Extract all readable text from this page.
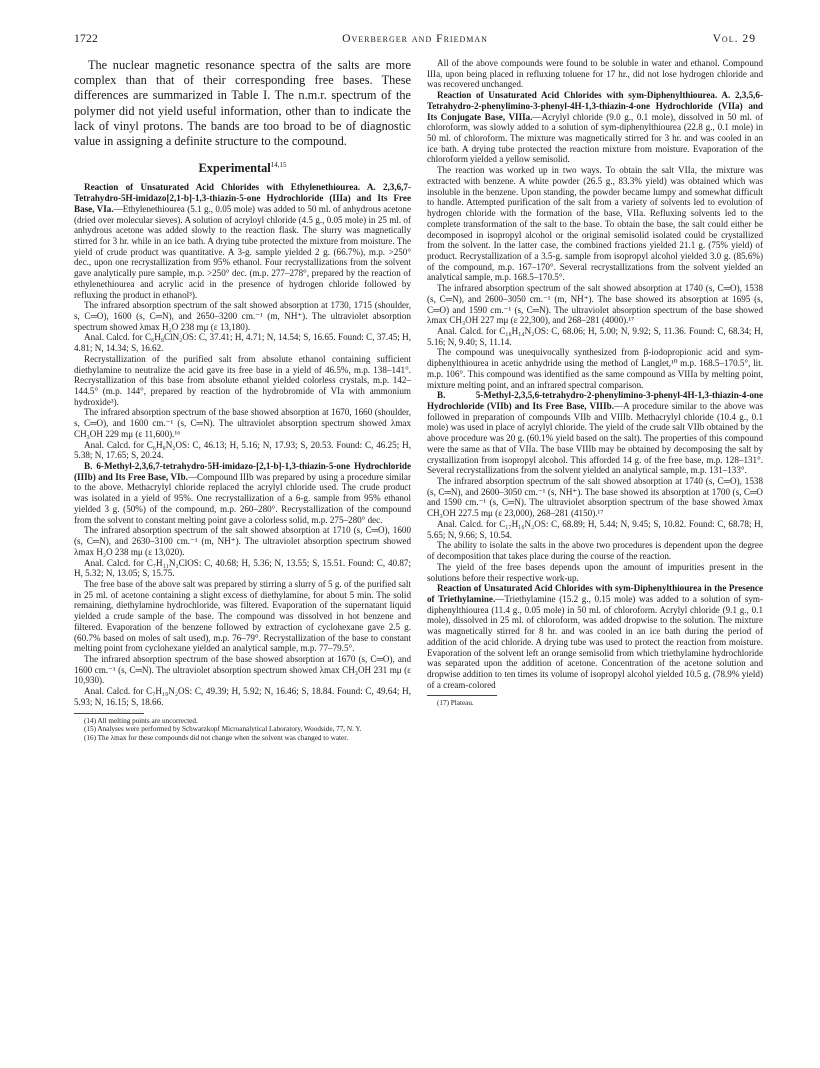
1722	Overberger and Friedman	Vol. 29

The nuclear magnetic resonance spectra of the salts are more complex than that of their corresponding free bases. These differences are summarized in Table I. The n.m.r. spectrum of the polymer did not yield useful information, other than to indicate the lack of vinyl protons. The bands are too broad to be of diagnostic value in assigning a definite structure to the compound.

Experimental$^{14,15}$

Reaction of Unsaturated Acid Chlorides with Ethylenethiourea. A. 2,3,6,7-Tetrahydro-5H-imidazo[2,1-b]-1,3-thiazin-5-one Hydrochloride (IIIa) and Its Free Base, VIa.—Ethylenethiourea (5.1 g., 0.05 mole) was added to 50 ml. of anhydrous acetone (dried over molecular sieves). A solution of acryloyl chloride (4.5 g., 0.05 mole) in 25 ml. of anhydrous acetone was added slowly to the reaction flask. The slurry was magnetically stirred for 3 hr. while in an ice bath. A drying tube protected the mixture from moisture. The yield of crude product was quantitative. A 3-g. sample yielded 2 g. (66.7%), m.p. >250° dec., upon one recrystallization from 95% ethanol. Four recrystallizations from the solvent gave analytically pure sample, m.p. >250° dec. (m.p. 277–278°, prepared by the reaction of ethylenethiourea and acrylic acid in the presence of hydrogen chloride followed by refluxing the product in ethanol³).

The infrared absorption spectrum of the salt showed absorption at 1730, 1715 (shoulder, s, C═O), 1600 (s, C═N), and 2650–3200 cm.⁻¹ (m, NH⁺). The ultraviolet absorption spectrum showed λmax H₂O 238 mμ (ε 13,180).

Anal. Calcd. for C₆H₈ClN₂OS: C, 37.41; H, 4.71; N, 14.54; S, 16.65. Found: C, 37.45; H, 4.81; N, 14.34; S, 16.62.

Recrystallization of the purified salt from absolute ethanol containing sufficient diethylamine to neutralize the acid gave its free base in a yield of 46.5%, m.p. 138–141°. Recrystallization of this base from absolute ethanol yielded colorless crystals, m.p. 142–144.5° (m.p. 144°, prepared by reaction of the hydrobromide of VIa with ammonium hydroxide³).

The infrared absorption spectrum of the base showed absorption at 1670, 1660 (shoulder, s, C═O), and 1600 cm.⁻¹ (s, C═N). The ultraviolet absorption spectrum showed λmax CH₃OH 229 mμ (ε 11,600).¹⁶

Anal. Calcd. for C₆H₈N₂OS: C, 46.13; H, 5.16; N, 17.93; S, 20.53. Found: C, 46.25; H, 5.38; N, 17.65; S, 20.24.

B. 6-Methyl-2,3,6,7-tetrahydro-5H-imidazo-[2,1-b]-1,3-thiazin-5-one Hydrochloride (IIIb) and Its Free Base, VIb.—Compound IIIb was prepared by using a procedure similar to the above. Methacrylyl chloride replaced the acrylyl chloride used. The crude product was isolated in a yield of 95%. One recrystallization of a 6-g. sample from 95% ethanol yielded 3 g. (50%) of the compound, m.p. 260–280°. Recrystallization of the compound from the solvent to constant melting point gave a colorless solid, m.p. 275–280° dec.

The infrared absorption spectrum of the salt showed absorption at 1710 (s, C═O), 1600 (s, C═N), and 2630–3100 cm.⁻¹ (m, NH⁺). The ultraviolet absorption spectrum showed λmax H₂O 238 mμ (ε 13,020).

Anal. Calcd. for C₇H₁₁N₂ClOS: C, 40.68; H, 5.36; N, 13.55; S, 15.51. Found: C, 40.87; H, 5.32; N, 13.05; S, 15.75.

The free base of the above salt was prepared by stirring a slurry of 5 g. of the purified salt in 25 ml. of acetone containing a slight excess of diethylamine, for about 5 min. The solid remaining, diethylamine hydrochloride, was filtered. Evaporation of the supernatant liquid yielded a crude sample of the base. The compound was dissolved in hot benzene and filtered. Evaporation of the benzene followed by extraction of cyclohexane gave 2.5 g. (60.7% based on moles of salt used), m.p. 76–79°. Recrystallization of the base to constant melting point from cyclohexane yielded an analytical sample, m.p. 77–79.5°.

The infrared absorption spectrum of the base showed absorption at 1670 (s, C═O), and 1600 cm.⁻¹ (s, C═N). The ultraviolet absorption spectrum showed λmax CH₃OH 231 mμ (ε 10,930).

Anal. Calcd. for C₇H₁₀N₂OS: C, 49.39; H, 5.92; N, 16.46; S, 18.84. Found: C, 49.64; H, 5.93; N, 16.15; S, 18.66.

(14) All melting points are uncorrected.

(15) Analyses were performed by Schwarzkopf Microanalytical Laboratory, Woodside, 77, N. Y.

(16) The λmax for these compounds did not change when the solvent was changed to water.

All of the above compounds were found to be soluble in water and ethanol. Compound IIIa, upon being placed in refluxing toluene for 17 hr., did not lose hydrogen chloride and was recovered unchanged.

Reaction of Unsaturated Acid Chlorides with sym-Diphenylthiourea. A. 2,3,5,6-Tetrahydro-2-phenylimino-3-phenyl-4H-1,3-thiazin-4-one Hydrochloride (VIIa) and Its Conjugate Base, VIIIa.—Acrylyl chloride (9.0 g., 0.1 mole), dissolved in 50 ml. of chloroform, was slowly added to a solution of sym-diphenylthiourea (22.8 g., 0.1 mole) in 50 ml. of chloroform. The mixture was magnetically stirred for 3 hr. and was cooled in an ice bath. A drying tube protected the reaction mixture from moisture. Evaporation of the chloroform yielded a yellow semisolid.

The reaction was worked up in two ways. To obtain the salt VIIa, the mixture was extracted with benzene. A white powder (26.5 g., 83.3% yield) was obtained which was insoluble in the benzene. Upon standing, the powder became lumpy and somewhat difficult to handle. Attempted purification of the salt from a variety of solvents led to evolution of hydrogen chloride with the formation of the base, VIIa. Refluxing solvents led to the complete transformation of the salt to the base. To obtain the base, the salt could either be decomposed in isopropyl alcohol or the original semisolid isolated could be crystallized from the solvent. In the latter case, the combined fractions yielded 21.1 g. (75% yield) of product. Recrystallization of a 3.5-g. sample from isopropyl alcohol yielded 3.0 g. (85.6%) of the compound, m.p. 167–170°. Several recrystallizations from the solvent yielded an analytical sample, m.p. 168.5–170.5°.

The infrared absorption spectrum of the salt showed absorption at 1740 (s, C═O), 1538 (s, C═N), and 2600–3050 cm.⁻¹ (m, NH⁺). The base showed its absorption at 1695 (s, C═O) and 1590 cm.⁻¹ (s, C═N). The ultraviolet absorption spectrum of the base showed λmax CH₃OH 227 mμ (ε 22,300), and 268–281 (4000).¹⁷

Anal. Calcd. for C₁₆H₁₄N₂OS: C, 68.06; H, 5.00; N, 9.92; S, 11.36. Found: C, 68.34; H, 5.16; N, 9.40; S, 11.14.

The compound was unequivocally synthesized from β-iodopropionic acid and sym-diphenylthiourea in acetic anhydride using the method of Langlet,¹⁰ m.p. 168.5–170.5°, lit. m.p. 106°. This compound was identified as the same compound as VIIIa by melting point, mixture melting point, and an infrared spectral comparison.

B. 5-Methyl-2,3,5,6-tetrahydro-2-phenylimino-3-phenyl-4H-1,3-thiazin-4-one Hydrochloride (VIIb) and Its Free Base, VIIIb.—A procedure similar to the above was followed in preparation of compounds VIIb and VIIIb. Methacrylyl chloride (10.4 g., 0.1 mole) was used in place of acrylyl chloride. The yield of the crude salt VIIb obtained by the above procedure was 20 g. (60.1% yield based on the salt). The properties of this compound were the same as that of VIIa. The base VIIIb may be obtained by decomposing the salt by crystallization from isopropyl alcohol. This afforded 14 g. of the free base, m.p. 128–131°. Several recrystallizations from the solvent yielded an analytical sample, m.p. 131–133°.

The infrared absorption spectrum of the salt showed absorption at 1740 (s, C═O), 1538 (s, C═N), and 2600–3050 cm.⁻¹ (s, NH⁺). The base showed its absorption at 1700 (s, C═O and 1590 cm.⁻¹ (s, C═N). The ultraviolet absorption spectrum of the base showed λmax CH₃OH 227.5 mμ (ε 23,000), 268–281 (4150).¹⁷

Anal. Calcd. for C₁₇H₁₆N₂OS: C, 68.89; H, 5.44; N, 9.45; S, 10.82. Found: C, 68.78; H, 5.65; N, 9.66; S, 10.54.

The ability to isolate the salts in the above two procedures is dependent upon the degree of decomposition that takes place during the course of the reaction.

The yield of the free bases depends upon the amount of impurities present in the solutions before their respective work-up.

Reaction of Unsaturated Acid Chlorides with sym-Diphenylthiourea in the Presence of Triethylamine.—Triethylamine (15.2 g., 0.15 mole) was added to a solution of sym-diphenylthiourea (11.4 g., 0.05 mole) in 50 ml. of chloroform. Acrylyl chloride (9.1 g., 0.1 mole), dissolved in 25 ml. of chloroform, was added dropwise to the solution. The mixture was magnetically stirred for 8 hr. and was cooled in an ice bath during the period of addition of the acid chloride. A drying tube was used to protect the reaction from moisture. Evaporation of the solvent left an orange semisolid from which triethylamine hydrochloride was separated upon the addition of acetone. Concentration of the acetone solution and dropwise addition to ten times its volume of isopropyl alcohol yielded 10.5 g. (78.9% yield) of a cream-colored

(17) Plateau.
